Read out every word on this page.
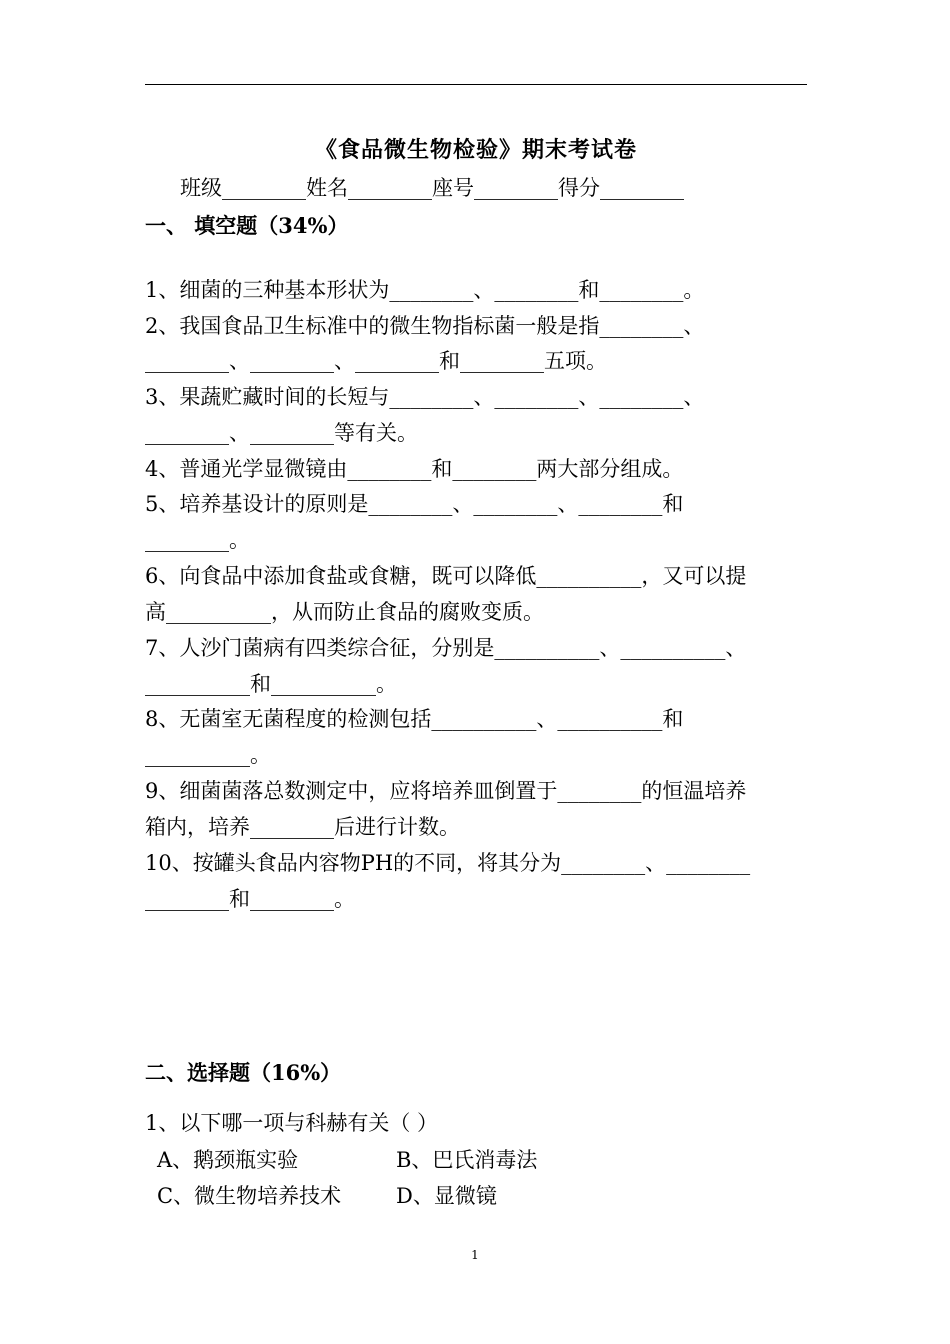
《食品微生物检验》期末考试卷
班级________姓名________座号________得分________
一、 填空题（34%）
1、细菌的三种基本形状为________、________和________。
2、我国食品卫生标准中的微生物指标菌一般是指________、
________、________、________和________五项。
3、果蔬贮藏时间的长短与________、________、________、
________、________等有关。
4、普通光学显微镜由________和________两大部分组成。
5、培养基设计的原则是________、________、________和
________。
6、向食品中添加食盐或食糖，既可以降低__________，又可以提
高__________，从而防止食品的腐败变质。
7、人沙门菌病有四类综合征，分别是__________、__________、
__________和__________。
8、无菌室无菌程度的检测包括__________、__________和
__________。
9、细菌菌落总数测定中，应将培养皿倒置于________的恒温培养
箱内，培养________后进行计数。
10、按罐头食品内容物PH的不同，将其分为________、________
________和________。
二、选择题（16%）
1、以下哪一项与科赫有关（ ）
A、鹅颈瓶实验	B、巴氏消毒法
C、微生物培养技术	D、显微镜
1
